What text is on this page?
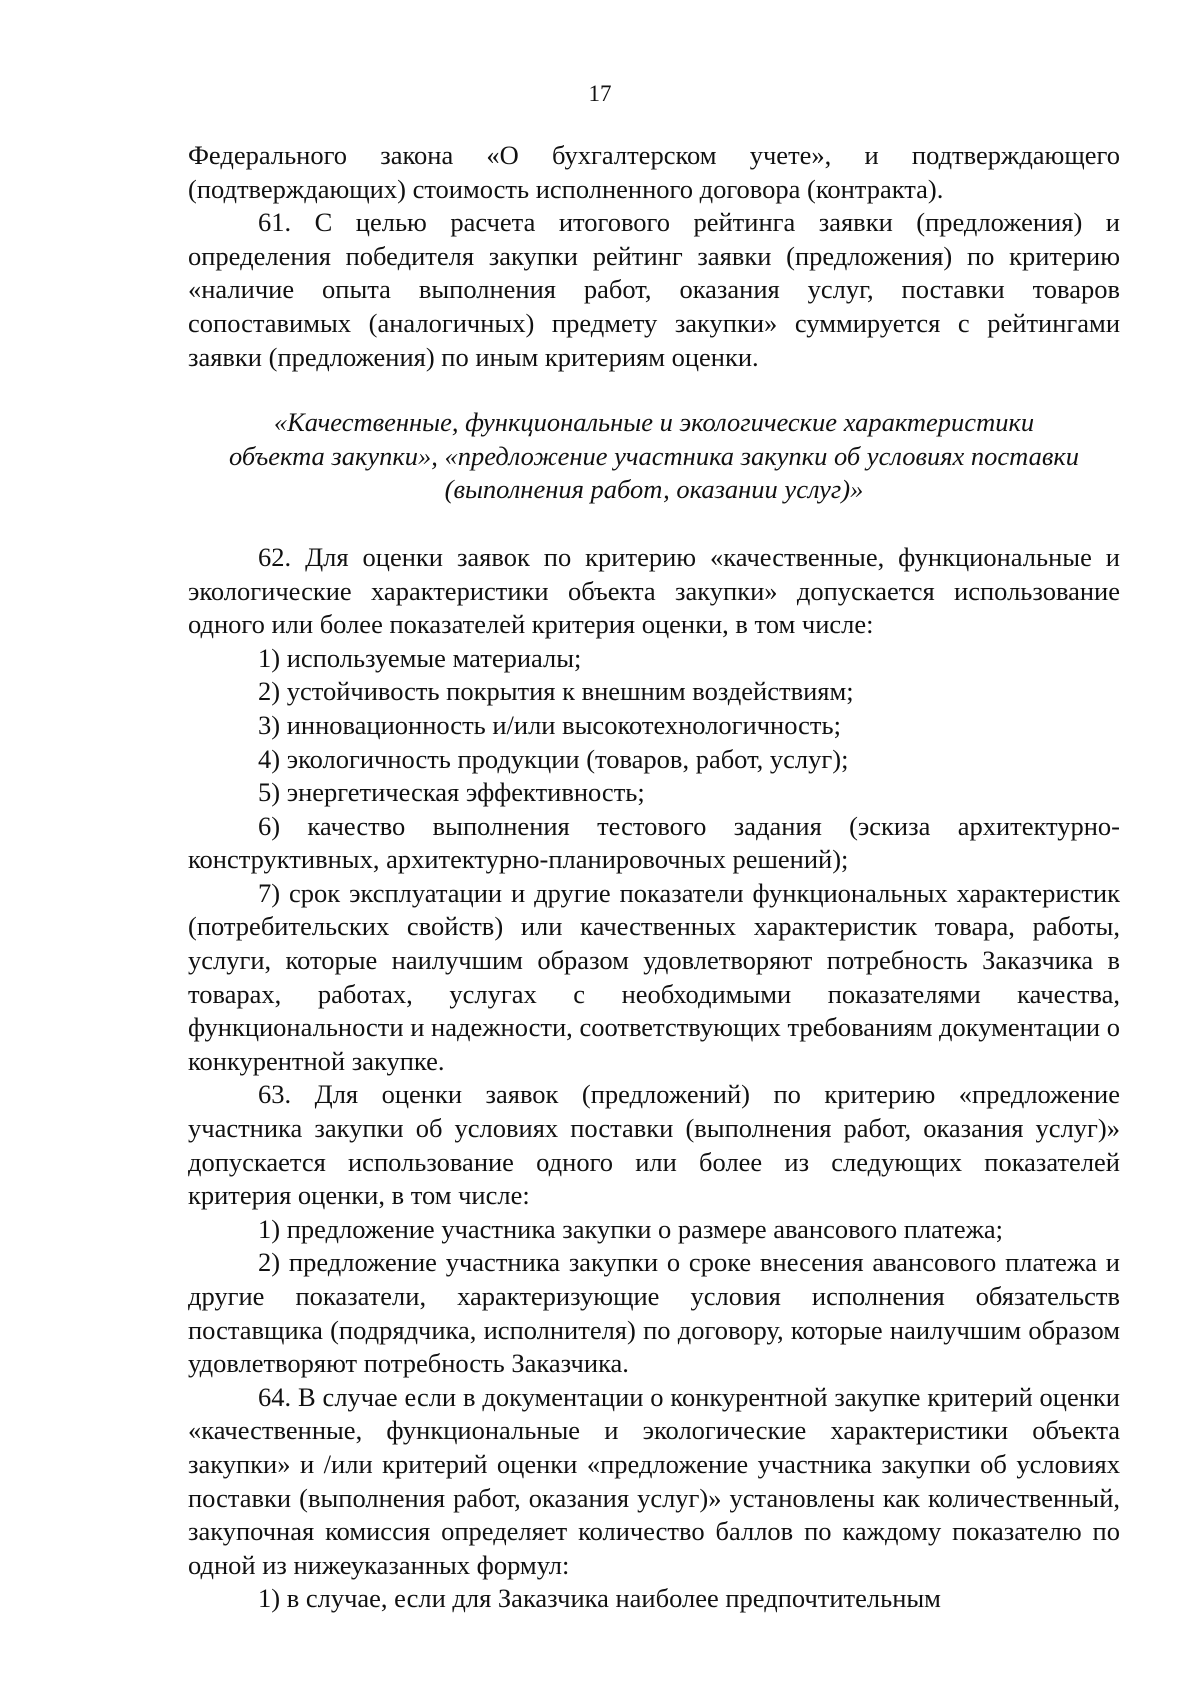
17

Федерального закона «О бухгалтерском учете», и подтверждающего (подтверждающих) стоимость исполненного договора (контракта).

61. С целью расчета итогового рейтинга заявки (предложения) и определения победителя закупки рейтинг заявки (предложения) по критерию «наличие опыта выполнения работ, оказания услуг, поставки товаров сопоставимых (аналогичных) предмету закупки» суммируется с рейтингами заявки (предложения) по иным критериям оценки.

«Качественные, функциональные и экологические характеристики
объекта закупки», «предложение участника закупки об условиях поставки
(выполнения работ, оказании услуг)»

62. Для оценки заявок по критерию «качественные, функциональные и экологические характеристики объекта закупки» допускается использование одного или более показателей критерия оценки, в том числе:

1) используемые материалы;

2) устойчивость покрытия к внешним воздействиям;

3) инновационность и/или высокотехнологичность;

4) экологичность продукции (товаров, работ, услуг);

5) энергетическая эффективность;

6) качество выполнения тестового задания (эскиза архитектурно-конструктивных, архитектурно-планировочных решений);

7) срок эксплуатации и другие показатели функциональных характеристик (потребительских свойств) или качественных характеристик товара, работы, услуги, которые наилучшим образом удовлетворяют потребность Заказчика в товарах, работах, услугах с необходимыми показателями качества, функциональности и надежности, соответствующих требованиям документации о конкурентной закупке.

63. Для оценки заявок (предложений) по критерию «предложение участника закупки об условиях поставки (выполнения работ, оказания услуг)» допускается использование одного или более из следующих показателей критерия оценки, в том числе:

1) предложение участника закупки о размере авансового платежа;

2) предложение участника закупки о сроке внесения авансового платежа и другие показатели, характеризующие условия исполнения обязательств поставщика (подрядчика, исполнителя) по договору, которые наилучшим образом удовлетворяют потребность Заказчика.

64. В случае если в документации о конкурентной закупке критерий оценки «качественные, функциональные и экологические характеристики объекта закупки» и /или критерий оценки «предложение участника закупки об условиях поставки (выполнения работ, оказания услуг)» установлены как количественный, закупочная комиссия определяет количество баллов по каждому показателю по одной из нижеуказанных формул:

1) в случае, если для Заказчика наиболее предпочтительным
